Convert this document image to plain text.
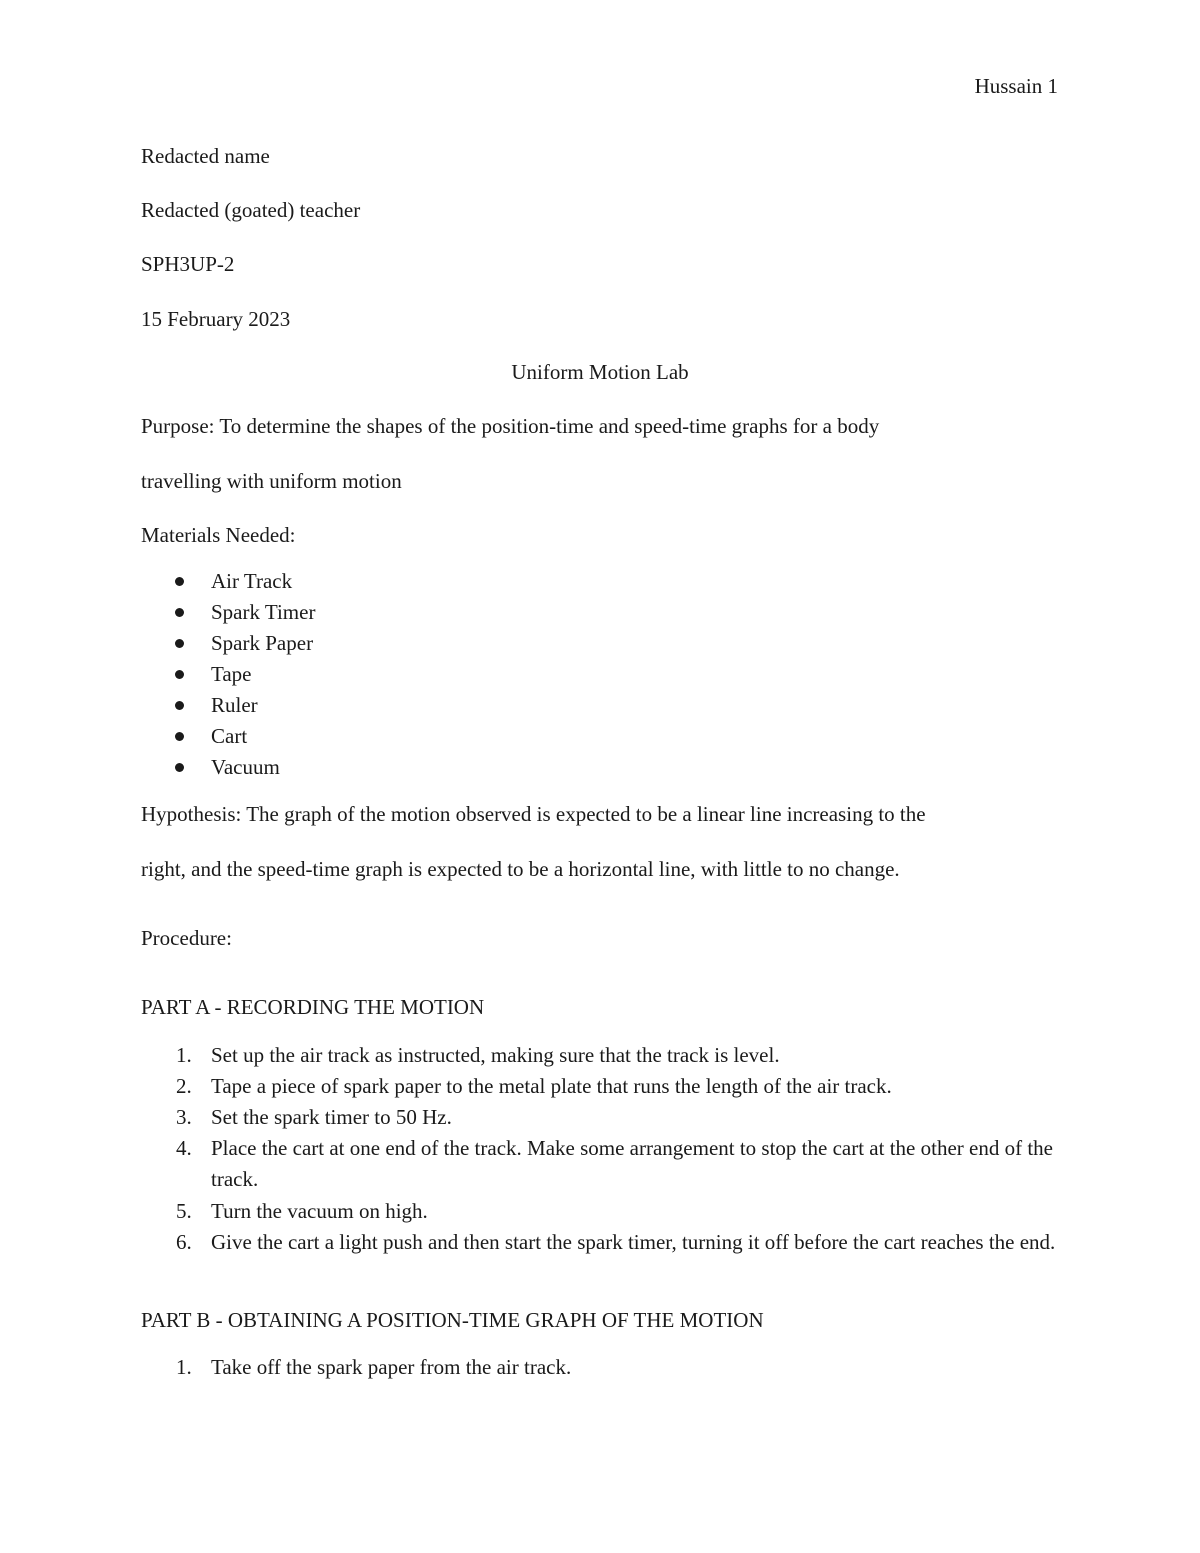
Hussain 1
Redacted name
Redacted (goated) teacher
SPH3UP-2
15 February 2023
Uniform Motion Lab
Purpose: To determine the shapes of the position-time and speed-time graphs for a body
travelling with uniform motion
Materials Needed:
Air Track
Spark Timer
Spark Paper
Tape
Ruler
Cart
Vacuum
Hypothesis: The graph of the motion observed is expected to be a linear line increasing to the
right, and the speed-time graph is expected to be a horizontal line, with little to no change.
Procedure:
PART A - RECORDING THE MOTION
1. Set up the air track as instructed, making sure that the track is level.
2. Tape a piece of spark paper to the metal plate that runs the length of the air track.
3. Set the spark timer to 50 Hz.
4. Place the cart at one end of the track. Make some arrangement to stop the cart at the other end of the track.
5. Turn the vacuum on high.
6. Give the cart a light push and then start the spark timer, turning it off before the cart reaches the end.
PART B - OBTAINING A POSITION-TIME GRAPH OF THE MOTION
1. Take off the spark paper from the air track.
